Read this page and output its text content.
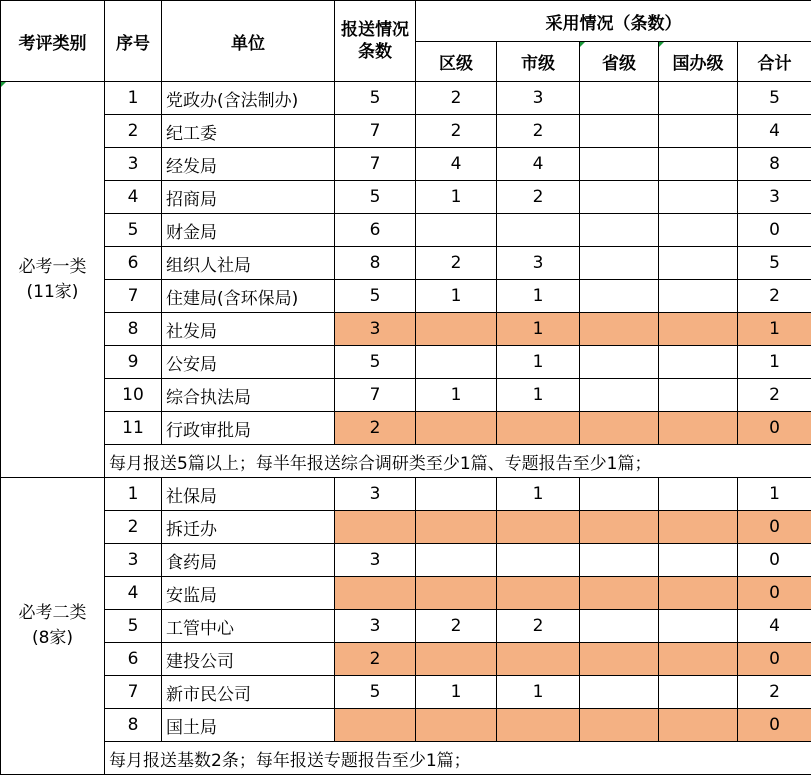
考评类别	序号	单位	报送情况条数	采用情况（条数）				
				区级	市级	省级	国办级	合计

必考一类
(11家)	1	党政办(含法制办)	5	2	3			5
	2	纪工委	7	2	2			4
	3	经发局	7	4	4			8
	4	招商局	5	1	2			3
	5	财金局	6					0
	6	组织人社局	8	2	3			5
	7	住建局(含环保局)	5	1	1			2
	8	社发局	3		1			1
	9	公安局	5		1			1
	10	综合执法局	7	1	1			2
	11	行政审批局	2					0
	每月报送5篇以上；每半年报送综合调研类至少1篇、专题报告至少1篇；							

必考二类
(8家)	1	社保局	3		1			1
	2	拆迁办						0
	3	食药局	3					0
	4	安监局						0
	5	工管中心	3	2	2			4
	6	建投公司	2					0
	7	新市民公司	5	1	1			2
	8	国土局						0
	每月报送基数2条；每年报送专题报告至少1篇；							
